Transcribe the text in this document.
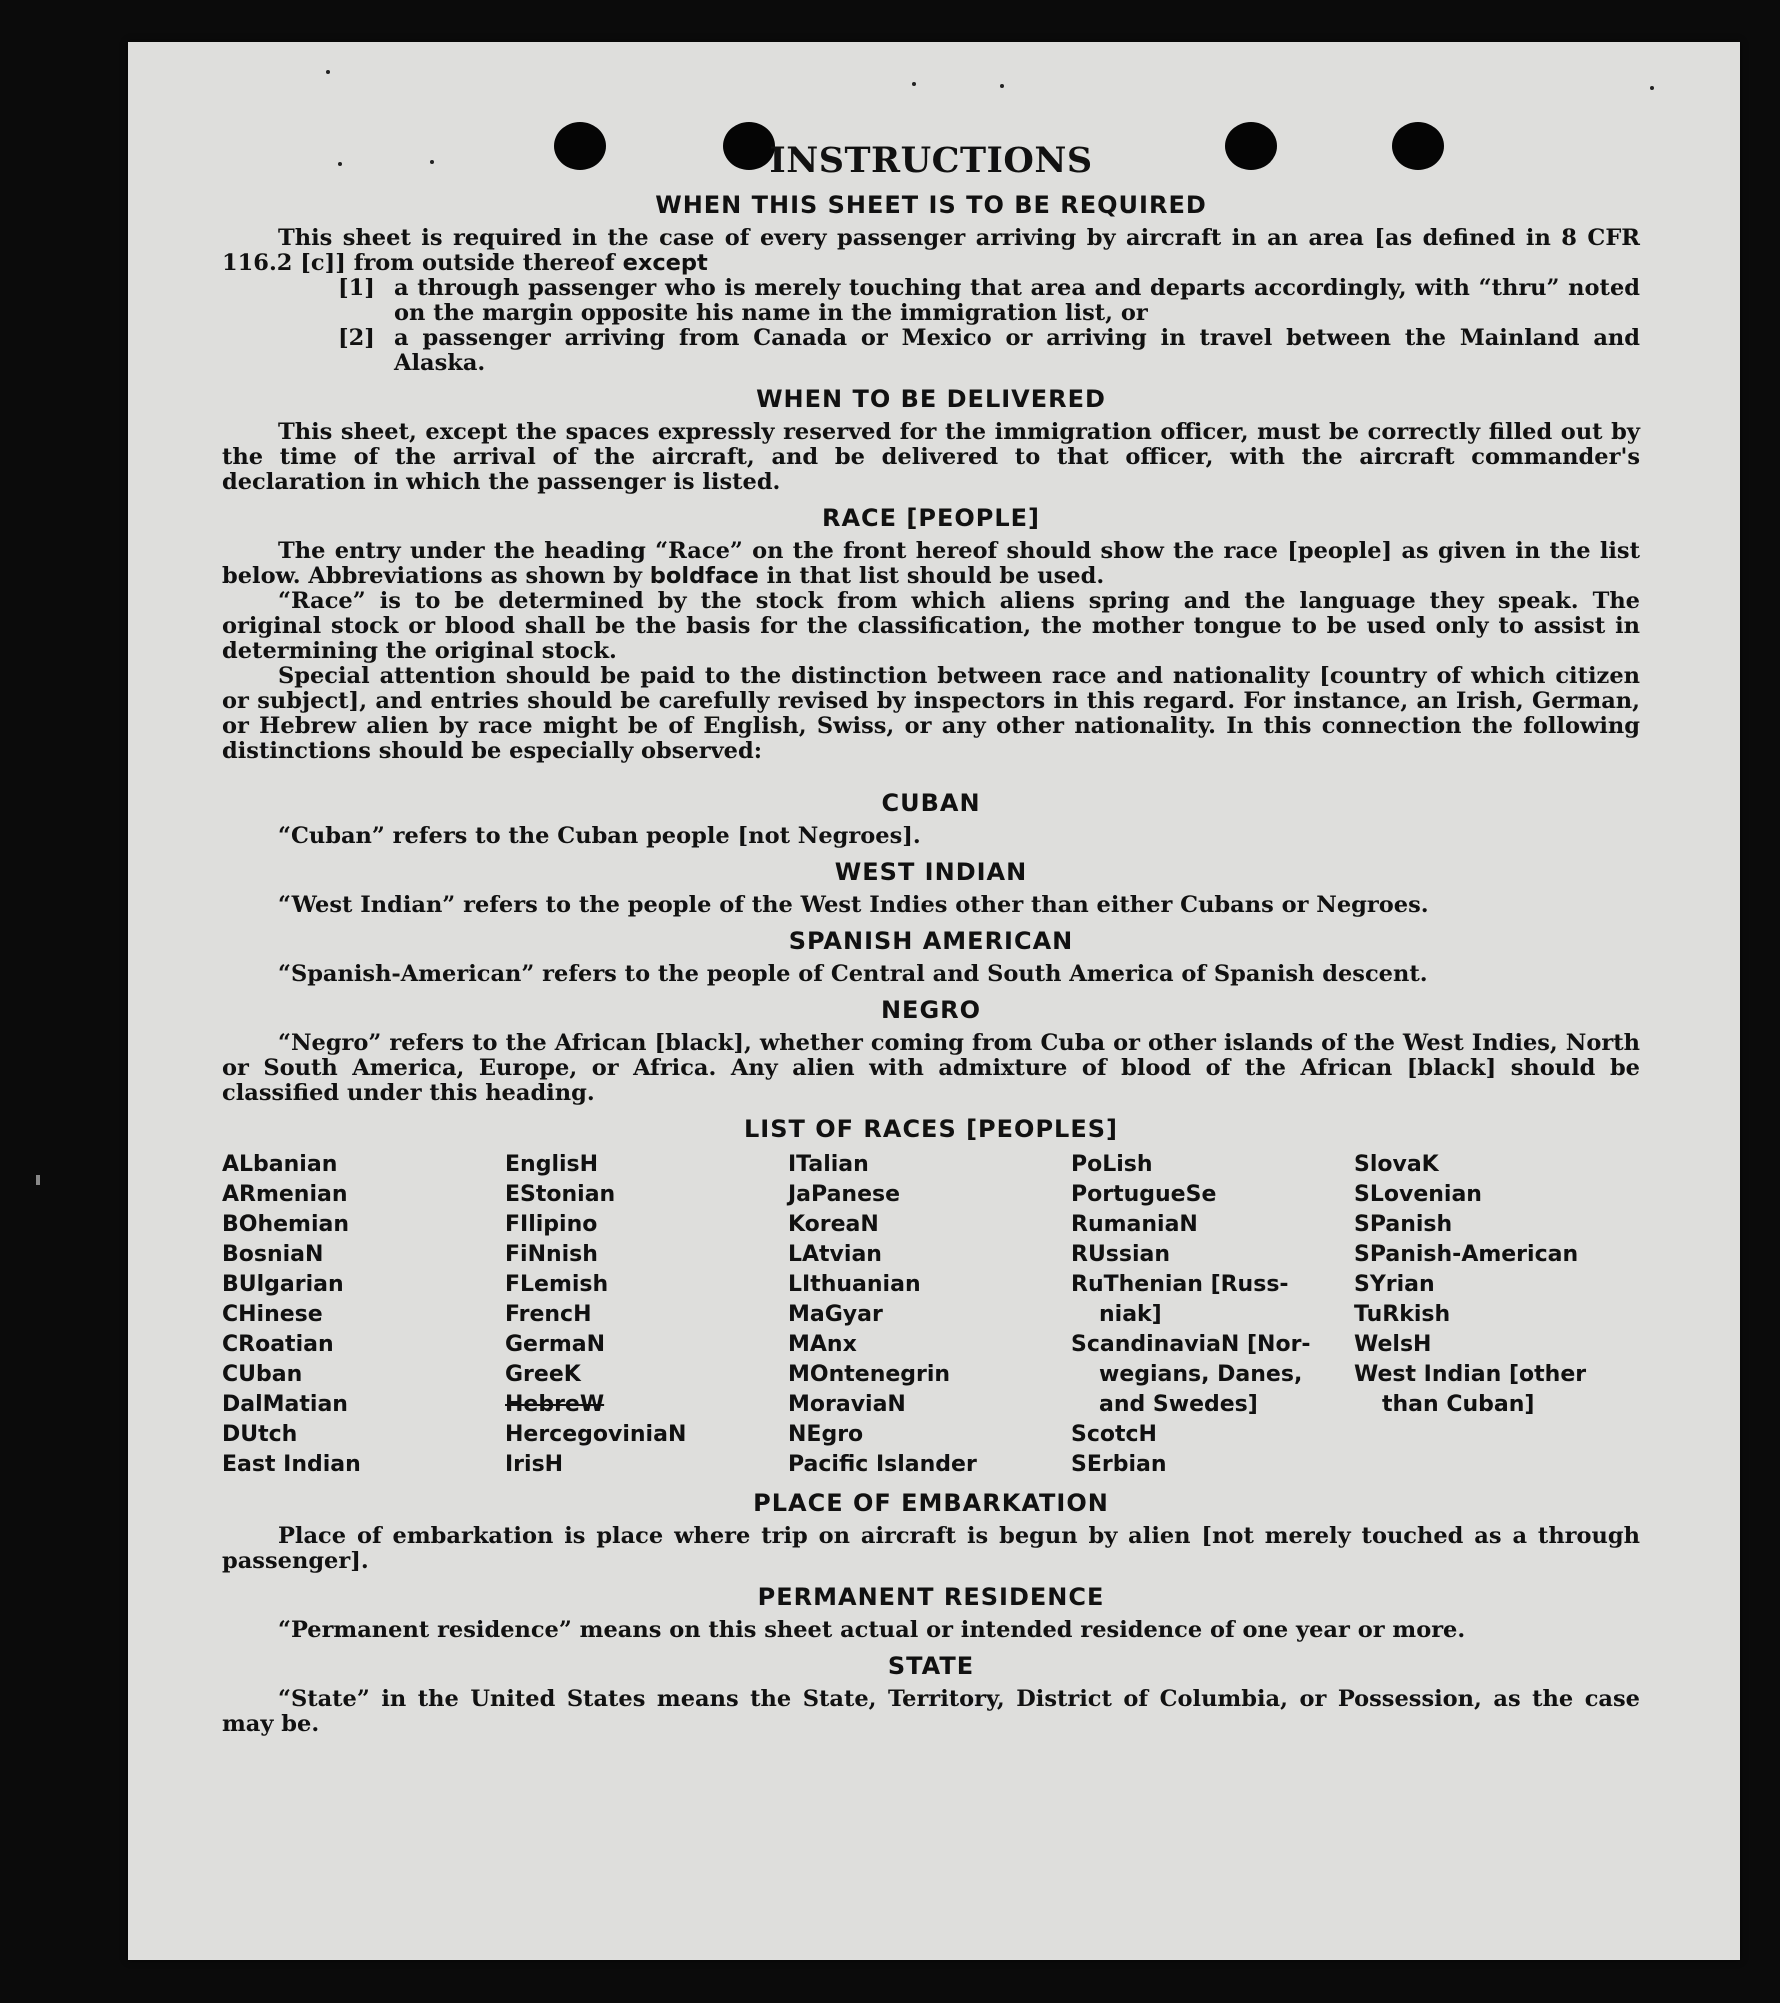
INSTRUCTIONS
WHEN THIS SHEET IS TO BE REQUIRED

This sheet is required in the case of every passenger arriving by aircraft in an area [as defined in 8 CFR 116.2 [c]] from outside thereof except

[1] a through passenger who is merely touching that area and departs accordingly, with “thru” noted on the margin opposite his name in the immigration list, or
[2] a passenger arriving from Canada or Mexico or arriving in travel between the Mainland and Alaska.
WHEN TO BE DELIVERED

This sheet, except the spaces expressly reserved for the immigration officer, must be correctly filled out by the time of the arrival of the aircraft, and be delivered to that officer, with the aircraft commander's declaration in which the passenger is listed.

RACE [PEOPLE]

The entry under the heading “Race” on the front hereof should show the race [people] as given in the list below. Abbreviations as shown by boldface in that list should be used.

“Race” is to be determined by the stock from which aliens spring and the language they speak. The original stock or blood shall be the basis for the classification, the mother tongue to be used only to assist in determining the original stock.

Special attention should be paid to the distinction between race and nationality [country of which citizen or subject], and entries should be carefully revised by inspectors in this regard. For instance, an Irish, German, or Hebrew alien by race might be of English, Swiss, or any other nationality. In this connection the following distinctions should be especially observed:

CUBAN

“Cuban” refers to the Cuban people [not Negroes].

WEST INDIAN

“West Indian” refers to the people of the West Indies other than either Cubans or Negroes.

SPANISH AMERICAN

“Spanish-American” refers to the people of Central and South America of Spanish descent.

NEGRO

“Negro” refers to the African [black], whether coming from Cuba or other islands of the West Indies, North or South America, Europe, or Africa. Any alien with admixture of blood of the African [black] should be classified under this heading.

LIST OF RACES [PEOPLES]
ALbanian
ARmenian
BOhemian
BosniaN
BUlgarian
CHinese
CRoatian
CUban
DalMatian
DUtch
East Indian
EnglisH
EStonian
FIlipino
FiNnish
FLemish
FrencH
GermaN
GreeK
HebreW
HercegoviniaN
IrisH
ITalian
JaPanese
KoreaN
LAtvian
LIthuanian
MaGyar
MAnx
MOntenegrin
MoraviaN
NEgro
Pacific Islander
PoLish
PortugueSe
RumaniaN
RUssian
RuThenian [Russ-
niak]
ScandinaviaN [Nor-
wegians, Danes,
and Swedes]
ScotcH
SErbian
SlovaK
SLovenian
SPanish
SPanish-American
SYrian
TuRkish
WelsH
West Indian [other
than Cuban]
PLACE OF EMBARKATION

Place of embarkation is place where trip on aircraft is begun by alien [not merely touched as a through passenger].

PERMANENT RESIDENCE

“Permanent residence” means on this sheet actual or intended residence of one year or more.

STATE

“State” in the United States means the State, Territory, District of Columbia, or Possession, as the case may be.
